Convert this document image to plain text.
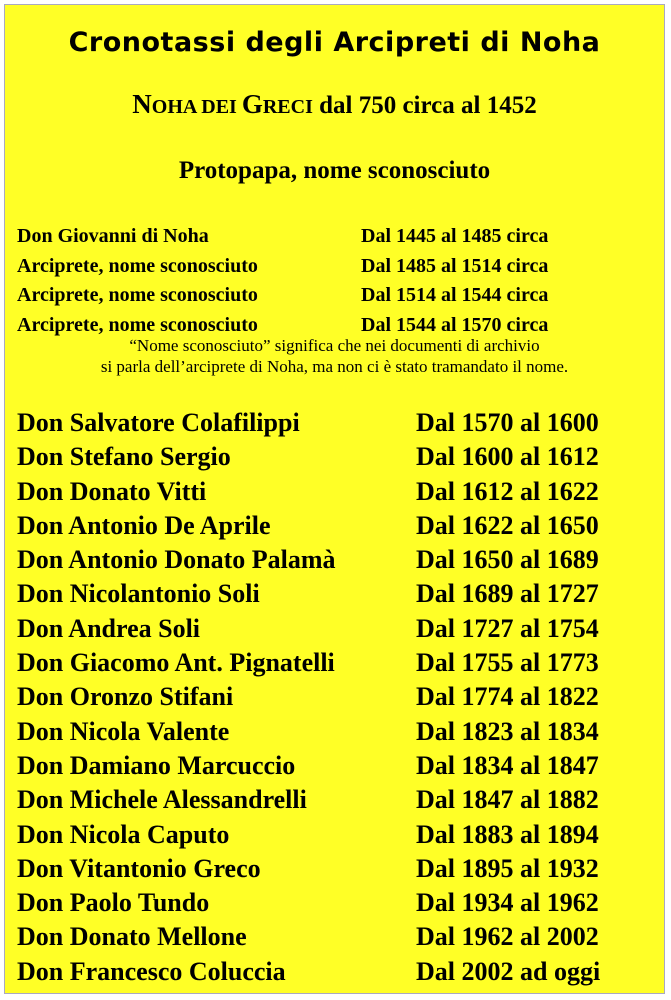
Cronotassi degli Arcipreti di Noha
NOHA DEI GRECI dal 750 circa al 1452
Protopapa, nome sconosciuto
Don Giovanni di Noha	Dal 1445 al 1485 circa
Arciprete, nome sconosciuto	Dal 1485 al 1514 circa
Arciprete, nome sconosciuto	Dal 1514 al 1544 circa
Arciprete, nome sconosciuto	Dal 1544 al 1570 circa
“Nome sconosciuto” significa che nei documenti di archivio
si parla dell’arciprete di Noha, ma non ci è stato tramandato il nome.
Don Salvatore Colafilippi	Dal 1570 al 1600
Don Stefano Sergio	Dal 1600 al 1612
Don Donato Vitti	Dal 1612 al 1622
Don Antonio De Aprile	Dal 1622 al 1650
Don Antonio Donato Palamà	Dal 1650 al 1689
Don Nicolantonio Soli	Dal 1689 al 1727
Don Andrea Soli	Dal 1727 al 1754
Don Giacomo Ant. Pignatelli	Dal 1755 al 1773
Don Oronzo Stifani	Dal 1774 al 1822
Don Nicola Valente	Dal 1823 al 1834
Don Damiano Marcuccio	Dal 1834 al 1847
Don Michele Alessandrelli	Dal 1847 al 1882
Don Nicola Caputo	Dal 1883 al 1894
Don Vitantonio Greco	Dal 1895 al 1932
Don Paolo Tundo	Dal 1934 al 1962
Don Donato Mellone	Dal 1962 al 2002
Don Francesco Coluccia	Dal 2002 ad oggi
